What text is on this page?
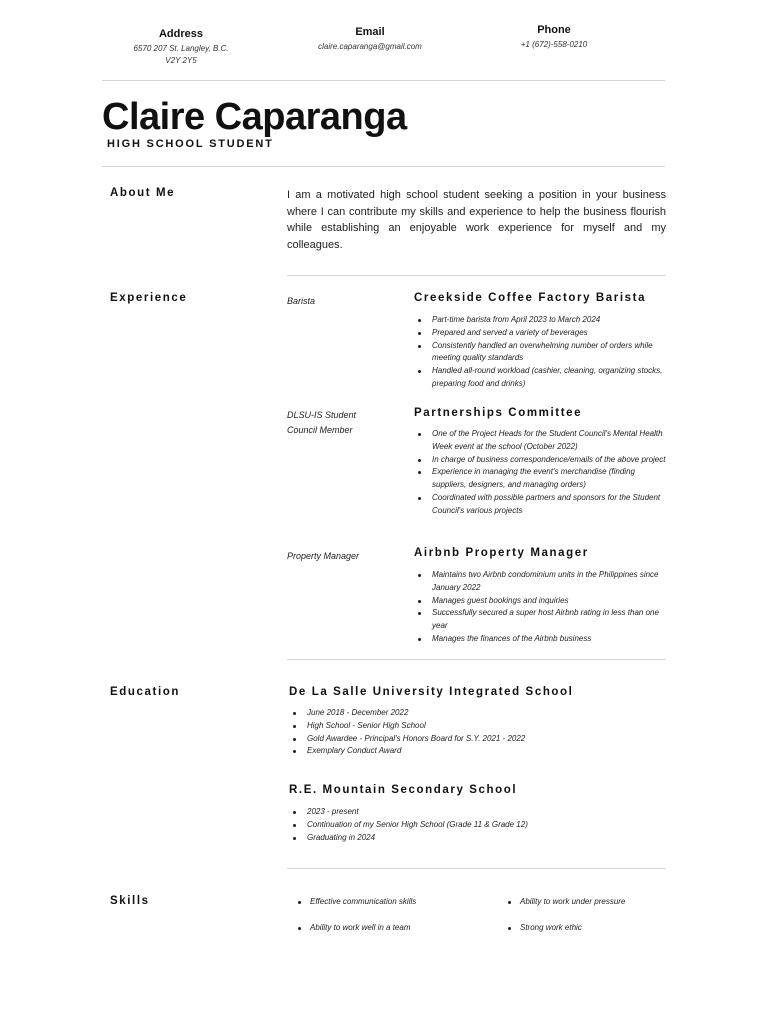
Address
6570 207 St. Langley, B.C.
V2Y 2Y5
Email
claire.caparanga@gmail.com
Phone
+1 (672)-558-0210
Claire Caparanga
HIGH SCHOOL STUDENT
About Me	I am a motivated high school student seeking a position in your business where I can contribute my skills and experience to help the business flourish while establishing an enjoyable work experience for myself and my colleagues.
Experience	Barista	Creekside Coffee Factory Barista
Part-time barista from April 2023 to March 2024
Prepared and served a variety of beverages
Consistently handled an overwhelming number of orders while meeting quality standards
Handled all-round workload (cashier, cleaning, organizing stocks, preparing food and drinks)
DLSU-IS Student Council Member
Partnerships Committee
One of the Project Heads for the Student Council's Mental Health Week event at the school (October 2022)
In charge of business correspondence/emails of the above project
Experience in managing the event's merchandise (finding suppliers, designers, and managing orders)
Coordinated with possible partners and sponsors for the Student Council's various projects
Property Manager	Airbnb Property Manager
Maintains two Airbnb condominium units in the Philippines since January 2022
Manages guest bookings and inquiries
Successfully secured a super host Airbnb rating in less than one year
Manages the finances of the Airbnb business
Education	De La Salle University Integrated School
June 2018 - December 2022
High School - Senior High School
Gold Awardee - Principal's Honors Board for S.Y. 2021 - 2022
Exemplary Conduct Award
R.E. Mountain Secondary School
2023 - present
Continuation of my Senior High School (Grade 11 & Grade 12)
Graduating in 2024
Skills	Effective communication skills	Ability to work under pressure
Ability to work well in a team	Strong work ethic
